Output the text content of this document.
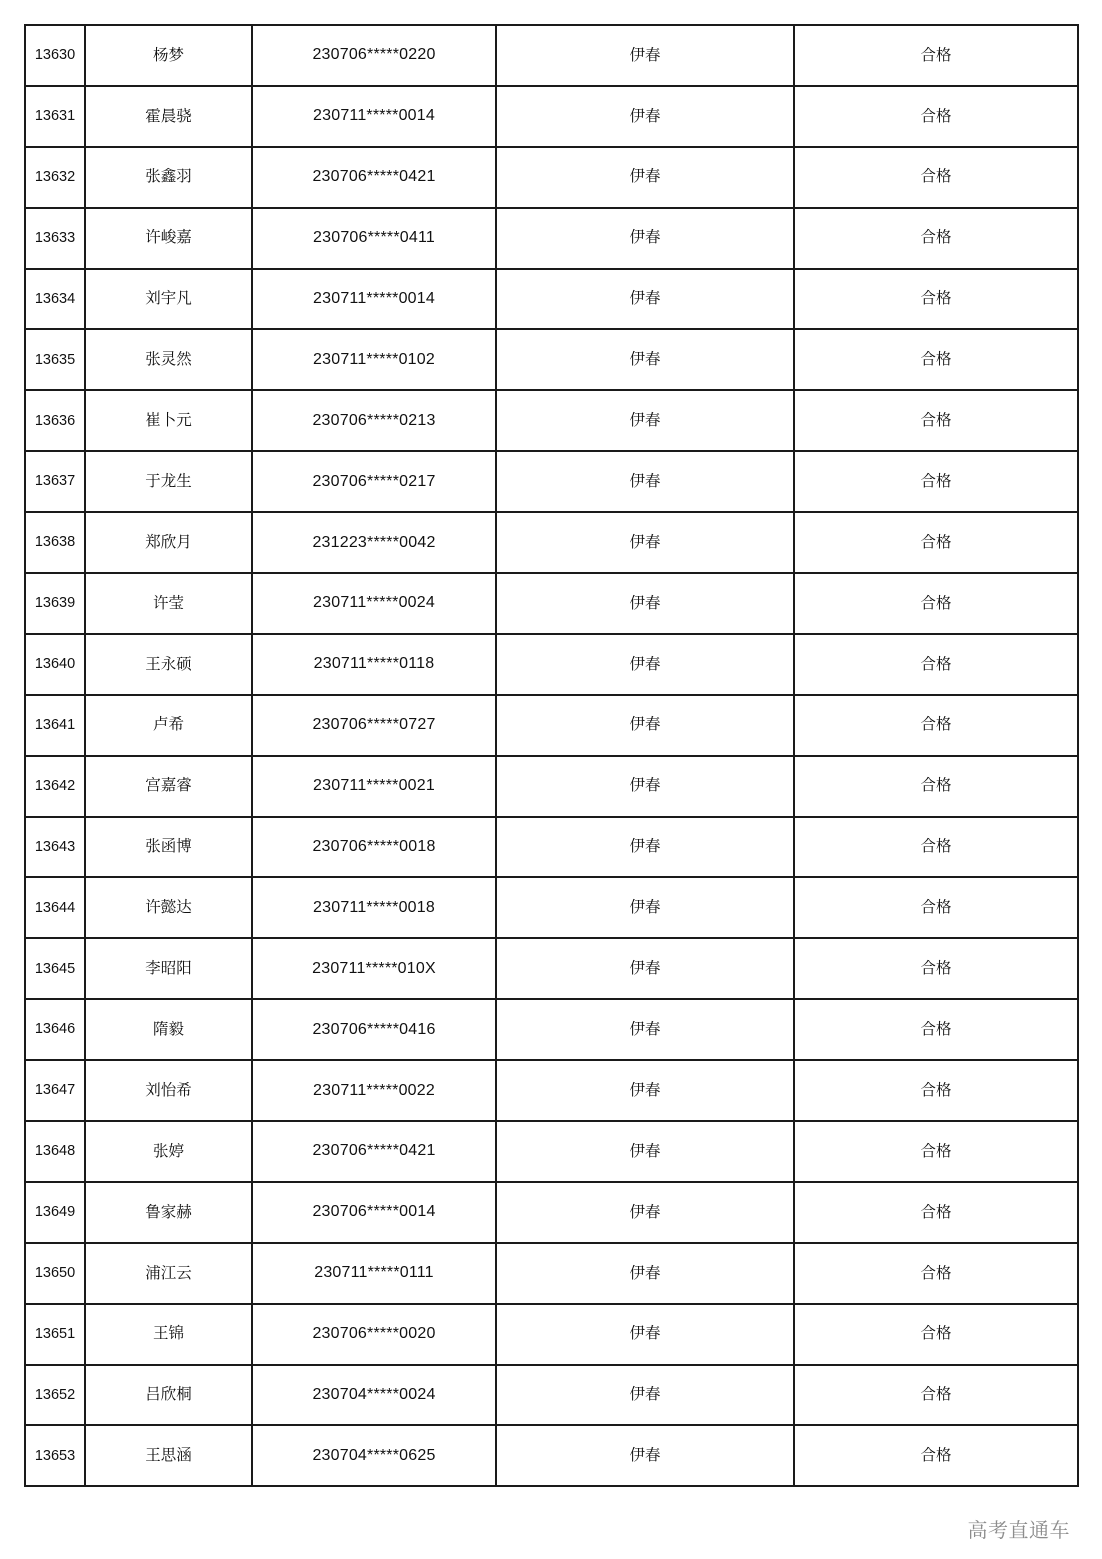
13630	杨梦	230706*****0220	伊春	合格
13631	霍晨骁	230711*****0014	伊春	合格
13632	张鑫羽	230706*****0421	伊春	合格
13633	许峻嘉	230706*****0411	伊春	合格
13634	刘宇凡	230711*****0014	伊春	合格
13635	张灵然	230711*****0102	伊春	合格
13636	崔卜元	230706*****0213	伊春	合格
13637	于龙生	230706*****0217	伊春	合格
13638	郑欣月	231223*****0042	伊春	合格
13639	许莹	230711*****0024	伊春	合格
13640	王永硕	230711*****0118	伊春	合格
13641	卢希	230706*****0727	伊春	合格
13642	宫嘉睿	230711*****0021	伊春	合格
13643	张函博	230706*****0018	伊春	合格
13644	许懿达	230711*****0018	伊春	合格
13645	李昭阳	230711*****010X	伊春	合格
13646	隋毅	230706*****0416	伊春	合格
13647	刘怡希	230711*****0022	伊春	合格
13648	张婷	230706*****0421	伊春	合格
13649	鲁家赫	230706*****0014	伊春	合格
13650	浦江云	230711*****0111	伊春	合格
13651	王锦	230706*****0020	伊春	合格
13652	吕欣桐	230704*****0024	伊春	合格
13653	王思涵	230704*****0625	伊春	合格
高考直通车
